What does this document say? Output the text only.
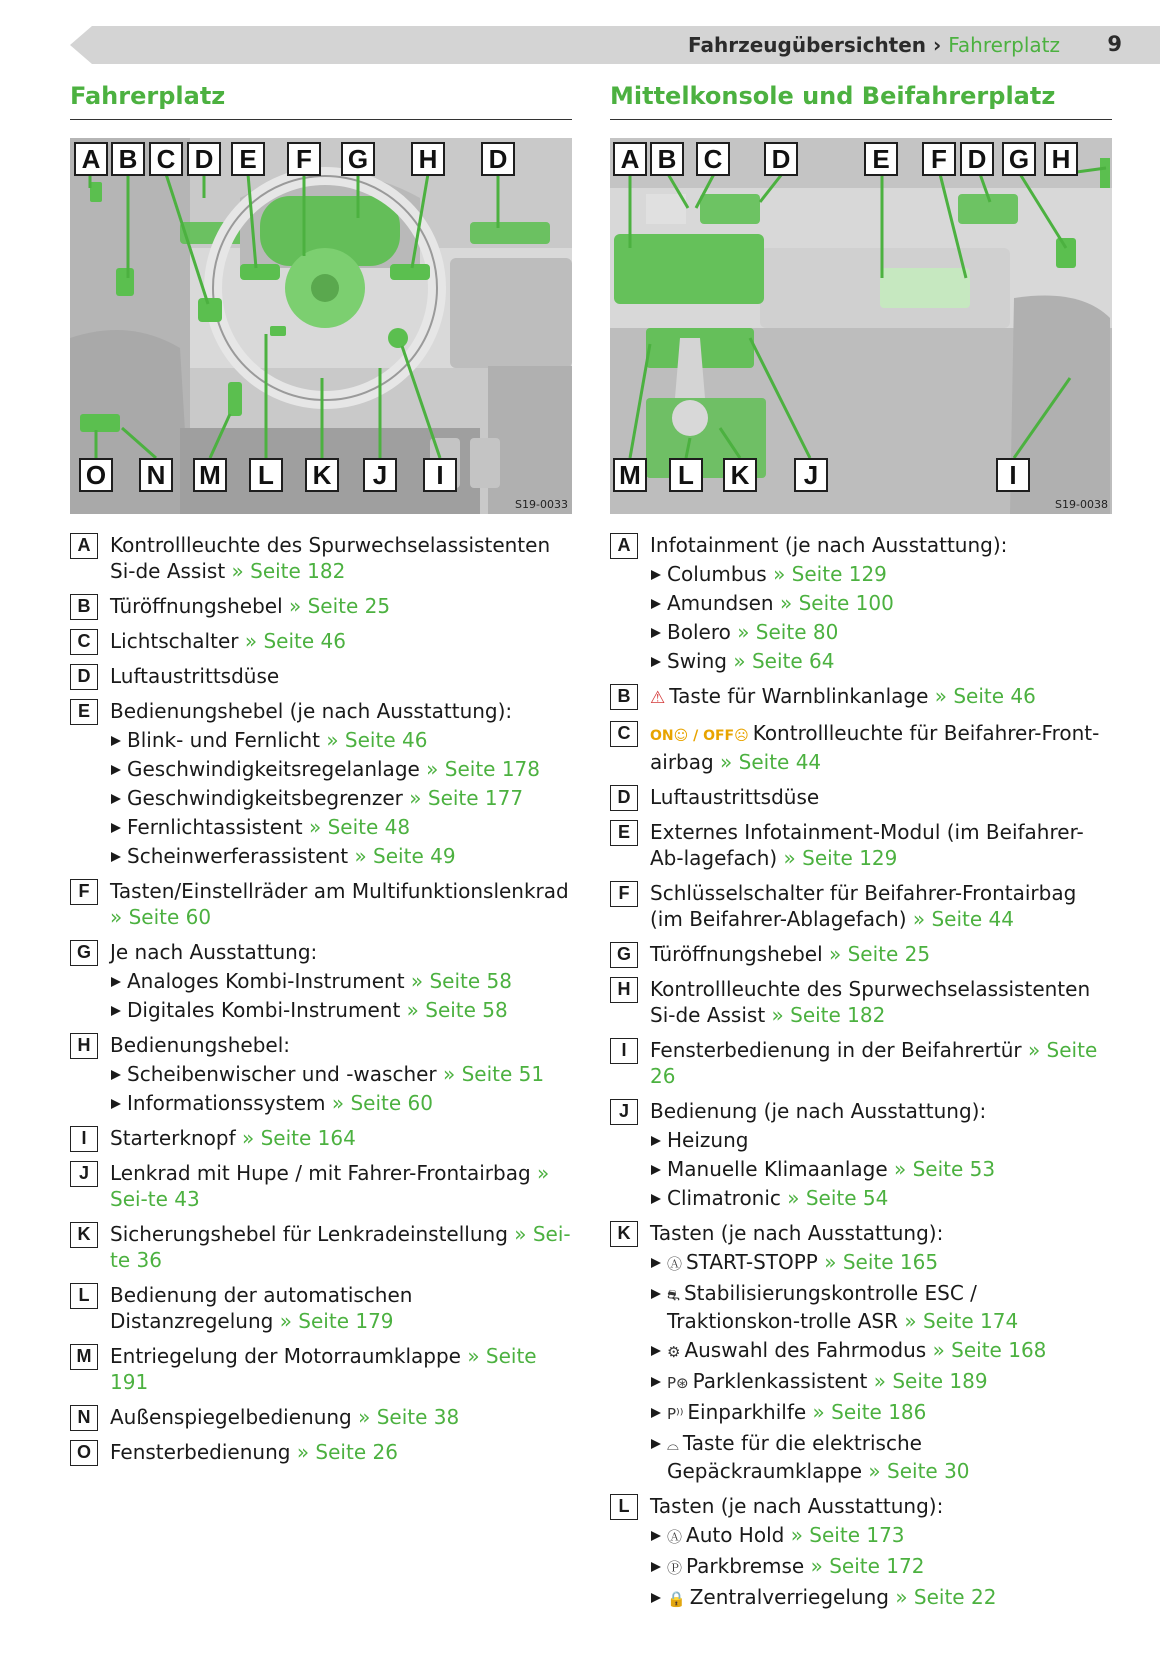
Fahrzeugübersichten › Fahrerplatz 9
Fahrerplatz
A B C D E	F	G H D
O N M	L	K	J	I
S19-0033
A Kontrollleuchte des Spurwechselassistenten Si-de Assist » Seite 182
B Türöffnungshebel » Seite 25
C Lichtschalter » Seite 46
D Luftaustrittsdüse
E	Bedienungshebel (je nach Ausstattung):
Blink- und Fernlicht » Seite 46
Geschwindigkeitsregelanlage » Seite 178
Geschwindigkeitsbegrenzer » Seite 177
Fernlichtassistent » Seite 48
Scheinwerferassistent » Seite 49
F	Tasten/Einstellräder am Multifunktionslenkrad » Seite 60
G Je nach Ausstattung:
Analoges Kombi-Instrument » Seite 58
Digitales Kombi-Instrument » Seite 58
H Bedienungshebel:
Scheibenwischer und -wascher » Seite 51
Informationssystem » Seite 60
I	Starterknopf » Seite 164
J	Lenkrad mit Hupe / mit Fahrer-Frontairbag » Sei-te 43
K Sicherungshebel für Lenkradeinstellung » Sei-te 36
L	Bedienung der automatischen Distanzregelung » Seite 179
M Entriegelung der Motorraumklappe » Seite 191
N Außenspiegelbedienung » Seite 38
O Fensterbedienung » Seite 26
Mittelkonsole und Beifahrerplatz
A B C D	E	F D G H
M	L	K	J	I
S19-0038
A Infotainment (je nach Ausstattung):
Columbus » Seite 129
Amundsen » Seite 100
Bolero » Seite 80
Swing » Seite 64
B	⚠ Taste für Warnblinkanlage » Seite 46
C	ON☺ / OFF☹ Kontrollleuchte für Beifahrer-Front-airbag » Seite 44
D Luftaustrittsdüse
E	Externes Infotainment-Modul (im Beifahrer-Ab-lagefach) » Seite 129
F	Schlüsselschalter für Beifahrer-Frontairbag (im Beifahrer-Ablagefach) » Seite 44
G Türöffnungshebel » Seite 25
H Kontrollleuchte des Spurwechselassistenten Si-de Assist » Seite 182
I	Fensterbedienung in der Beifahrertür » Seite 26
J	Bedienung (je nach Ausstattung):
Heizung
Manuelle Klimaanlage » Seite 53
Climatronic » Seite 54
K Tasten (je nach Ausstattung):
Ⓐ START-STOPP » Seite 165
⛐ Stabilisierungskontrolle ESC / Traktionskon-trolle ASR » Seite 174
⚙ Auswahl des Fahrmodus » Seite 168
P⊛ Parklenkassistent » Seite 189
P⁾⁾ Einparkhilfe » Seite 186
⌓ Taste für die elektrische Gepäckraumklappe » Seite 30
L	Tasten (je nach Ausstattung):
Ⓐ Auto Hold » Seite 173
Ⓟ Parkbremse » Seite 172
🔒 Zentralverriegelung » Seite 22
